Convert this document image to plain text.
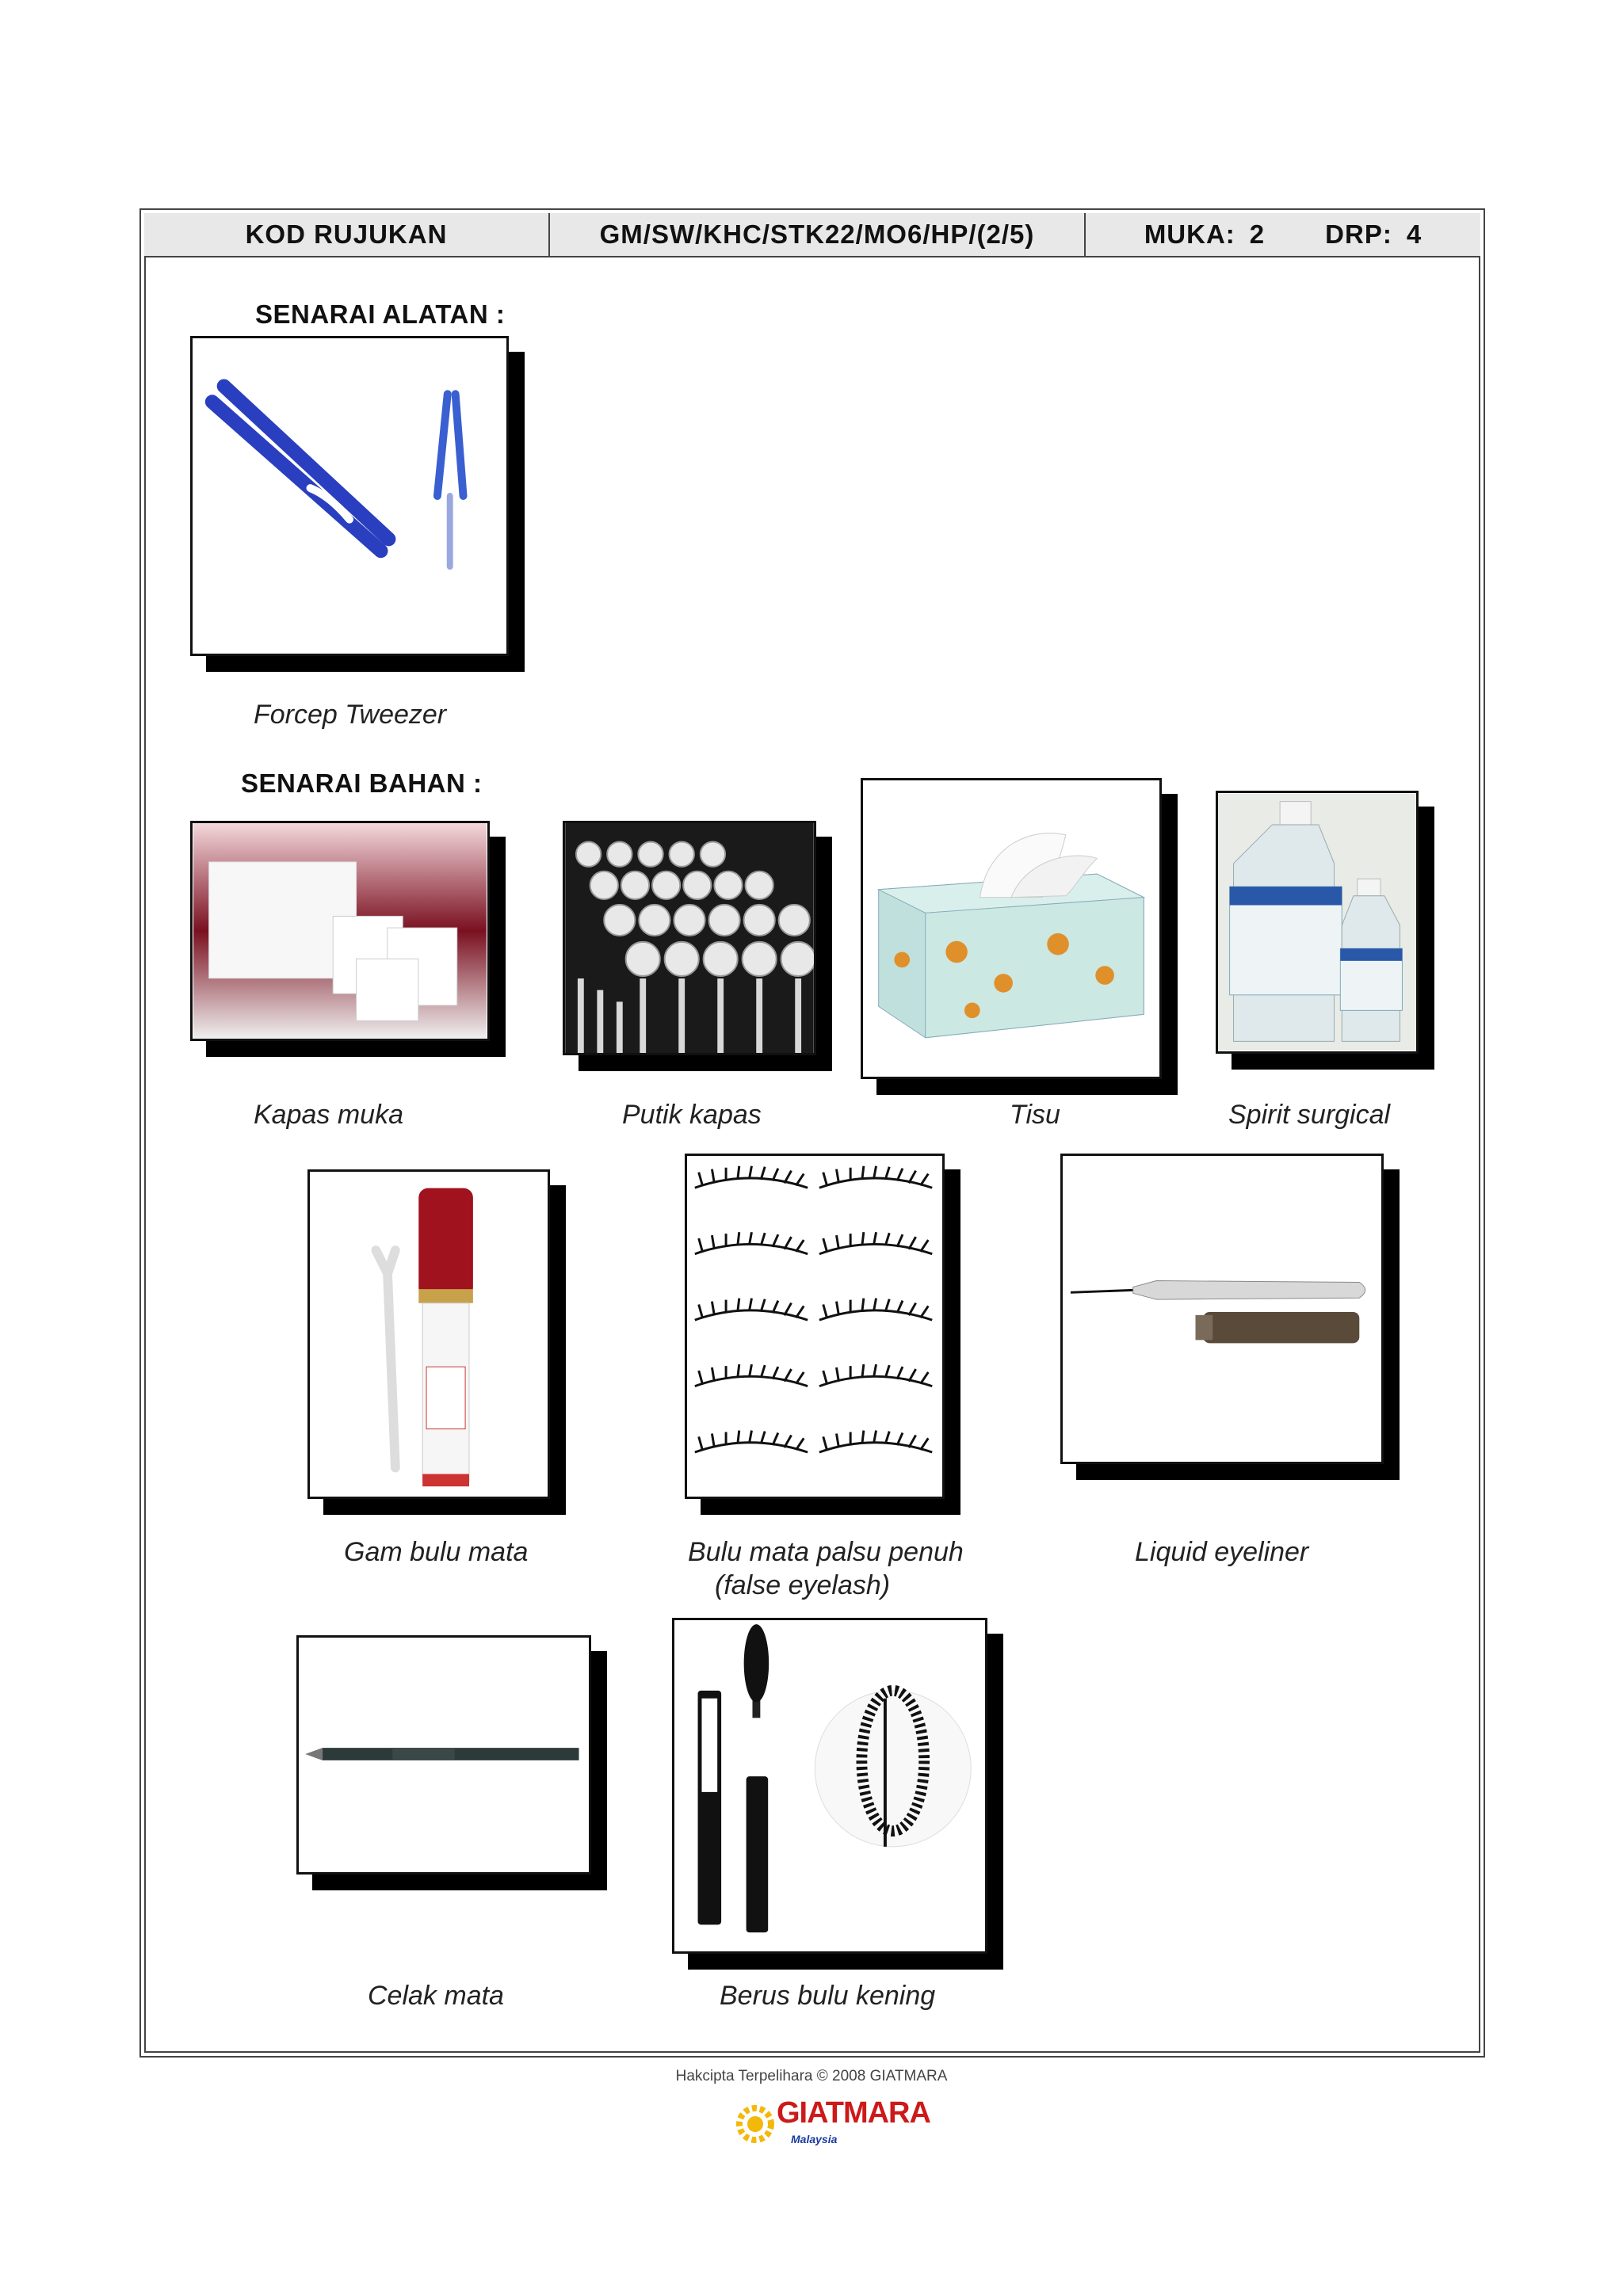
KOD RUJUKAN	GM/SW/KHC/STK22/MO6/HP/(2/5)	MUKA: 2 DRP: 4
SENARAI ALATAN :
Forcep Tweezer
SENARAI BAHAN :
Kapas muka	Putik kapas	Tisu	Spirit surgical
Gam bulu mata	Bulu mata palsu penuh
(false eyelash)
Liquid eyeliner
Celak mata	Berus bulu kening
Hakcipta Terpelihara © 2008 GIATMARA
GIATMARA
Malaysia
